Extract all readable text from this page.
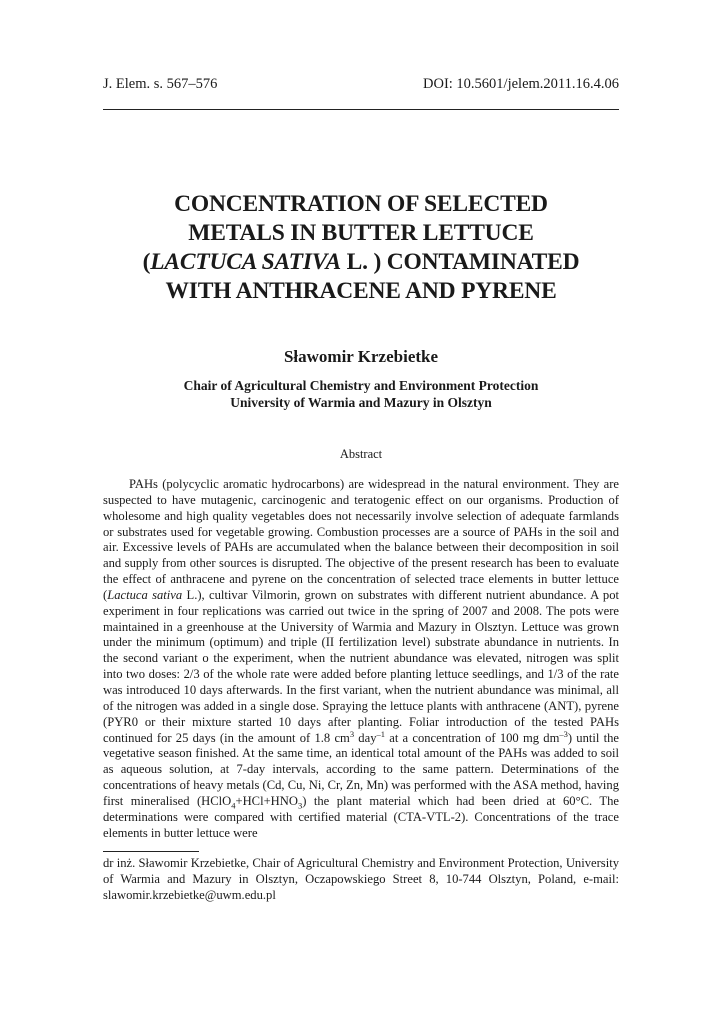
J. Elem. s. 567–576	DOI: 10.5601/jelem.2011.16.4.06
CONCENTRATION OF SELECTED
METALS IN BUTTER LETTUCE
(LACTUCA SATIVA L. ) CONTAMINATED
WITH ANTHRACENE AND PYRENE
Sławomir Krzebietke
Chair of Agricultural Chemistry and Environment Protection
University of Warmia and Mazury in Olsztyn
Abstract

PAHs (polycyclic aromatic hydrocarbons) are widespread in the natural environment. They are suspected to have mutagenic, carcinogenic and teratogenic effect on our organisms. Production of wholesome and high quality vegetables does not necessarily involve selection of adequate farmlands or substrates used for vegetable growing. Combustion processes are a source of PAHs in the soil and air. Excessive levels of PAHs are accumulated when the balance between their decomposition in soil and supply from other sources is disrupted. The objective of the present research has been to evaluate the effect of anthracene and pyrene on the concentration of selected trace elements in butter lettuce (Lactuca sativa L.), cultivar Vilmorin, grown on substrates with different nutrient abundance. A pot experiment in four replications was carried out twice in the spring of 2007 and 2008. The pots were maintained in a greenhouse at the University of Warmia and Mazury in Olsztyn. Lettuce was grown under the minimum (optimum) and triple (II fertilization level) substrate abundance in nutrients. In the second variant o the experiment, when the nutrient abundance was elevated, nitrogen was split into two doses: 2/3 of the whole rate were added before planting lettuce seedlings, and 1/3 of the rate was introduced 10 days afterwards. In the first variant, when the nutrient abundance was minimal, all of the nitrogen was added in a single dose. Spraying the lettuce plants with anthracene (ANT), pyrene (PYR0 or their mixture started 10 days after planting. Foliar introduction of the tested PAHs continued for 25 days (in the amount of 1.8 $cm^3$ day$^{-1}$ at a concentration of 100 mg $dm^{-3}$) until the vegetative season finished. At the same time, an identical total amount of the PAHs was added to soil as aqueous solution, at 7-day intervals, according to the same pattern. Determinations of the concentrations of heavy metals (Cd, Cu, Ni, Cr, Zn, Mn) was performed with the ASA method, having first mineralised $(HClO_4+HCl+HNO_3)$ the plant material which had been dried at 60°C. The determinations were compared with certified material (CTA-VTL-2). Concentrations of the trace elements in butter lettuce were

dr inż. Sławomir Krzebietke, Chair of Agricultural Chemistry and Environment Protection, University of Warmia and Mazury in Olsztyn, Oczapowskiego Street 8, 10-744 Olsztyn, Poland, e-mail: slawomir.krzebietke@uwm.edu.pl
